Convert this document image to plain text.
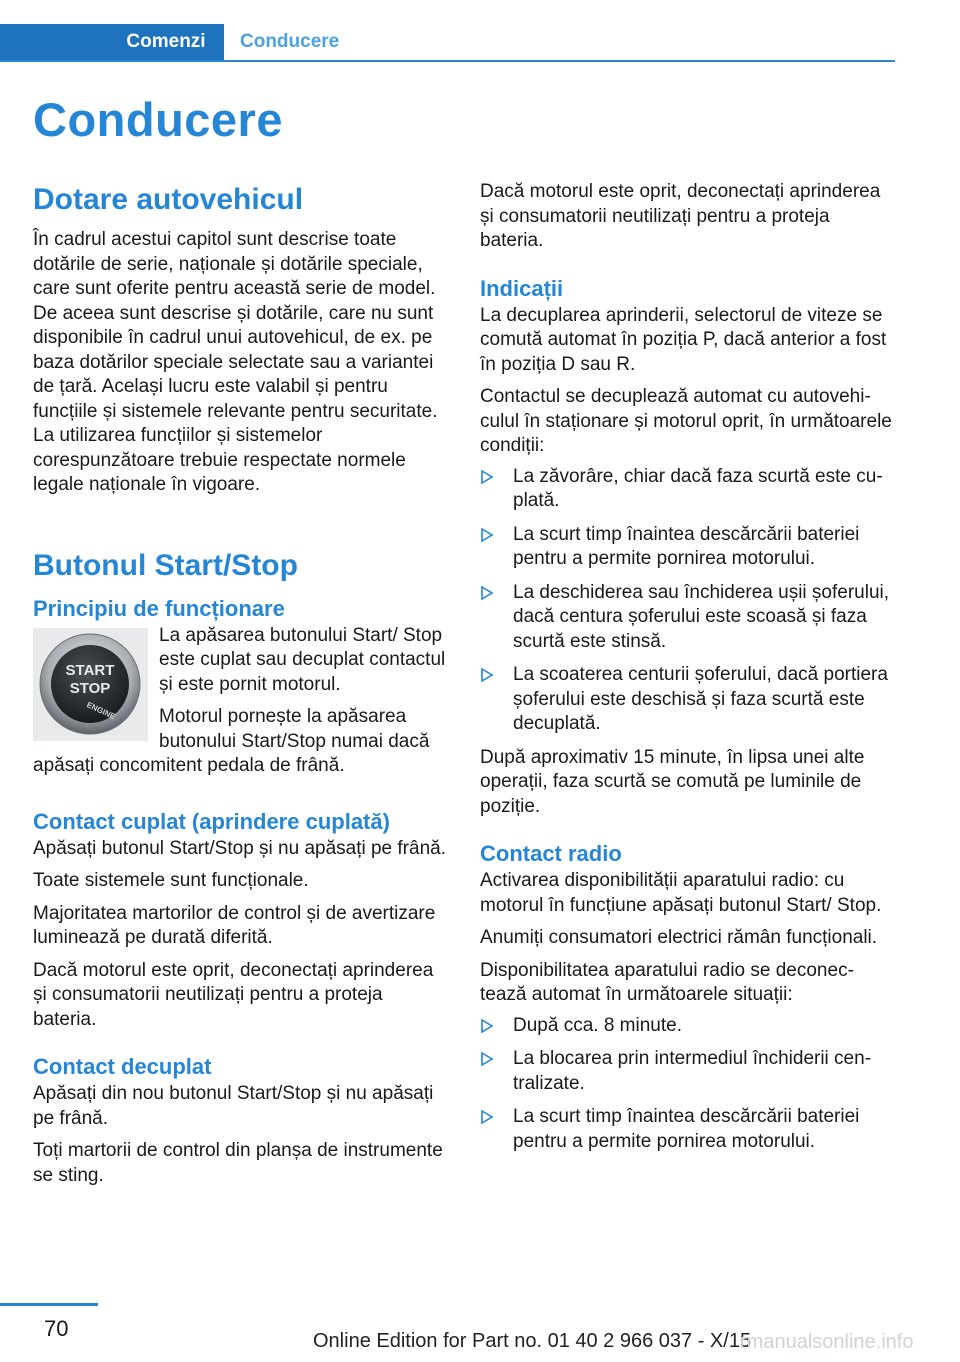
Comenzi	Conducere
Conducere
Dotare autovehicul

În cadrul acestui capitol sunt descrise toate dotările de serie, naționale și dotările speciale, care sunt oferite pentru această serie de model. De aceea sunt descrise și dotările, care nu sunt disponibile în cadrul unui autovehicul, de ex. pe baza dotărilor speciale selectate sau a variantei de țară. Același lucru este valabil și pentru funcțiile și sistemele relevante pentru securitate. La utilizarea funcțiilor și sistemelor corespunzătoare trebuie respectate normele legale naționale în vigoare.

Butonul Start/Stop
Principiu de funcționare
START
STOP
ENGINE

La apăsarea butonului Start/ Stop este cuplat sau decuplat contactul și este pornit motorul.

Motorul pornește la apăsarea butonului Start/Stop numai dacă apăsați concomitent pedala de frână.

Contact cuplat (aprindere cuplată)

Apăsați butonul Start/Stop și nu apăsați pe frână.

Toate sistemele sunt funcționale.

Majoritatea martorilor de control și de avertizare luminează pe durată diferită.

Dacă motorul este oprit, deconectați aprinderea și consumatorii neutilizați pentru a proteja bateria.

Contact decuplat

Apăsați din nou butonul Start/Stop și nu apăsați pe frână.

Toți martorii de control din planșa de instrumente se sting.

Dacă motorul este oprit, deconectați aprinderea și consumatorii neutilizați pentru a proteja bateria.

Indicații

La decuplarea aprinderii, selectorul de viteze se comută automat în poziția P, dacă anterior a fost în poziția D sau R.

Contactul se decuplează automat cu autovehiculul în staționare și motorul oprit, în următoarele condiții:

La zăvorâre, chiar dacă faza scurtă este cuplată.
La scurt timp înaintea descărcării bateriei pentru a permite pornirea motorului.
La deschiderea sau închiderea ușii șoferului, dacă centura șoferului este scoasă și faza scurtă este stinsă.
La scoaterea centurii șoferului, dacă portiera șoferului este deschisă și faza scurtă este decuplată.

După aproximativ 15 minute, în lipsa unei alte operații, faza scurtă se comută pe luminile de poziție.

Contact radio

Activarea disponibilității aparatului radio: cu motorul în funcțiune apăsați butonul Start/ Stop.

Anumiți consumatori electrici rămân funcționali.

Disponibilitatea aparatului radio se deconectează automat în următoarele situații:

După cca. 8 minute.
La blocarea prin intermediul închiderii centralizate.
La scurt timp înaintea descărcării bateriei pentru a permite pornirea motorului.
70	Online Edition for Part no. 01 40 2 966 037 - X/15
rmanualsonline.info
